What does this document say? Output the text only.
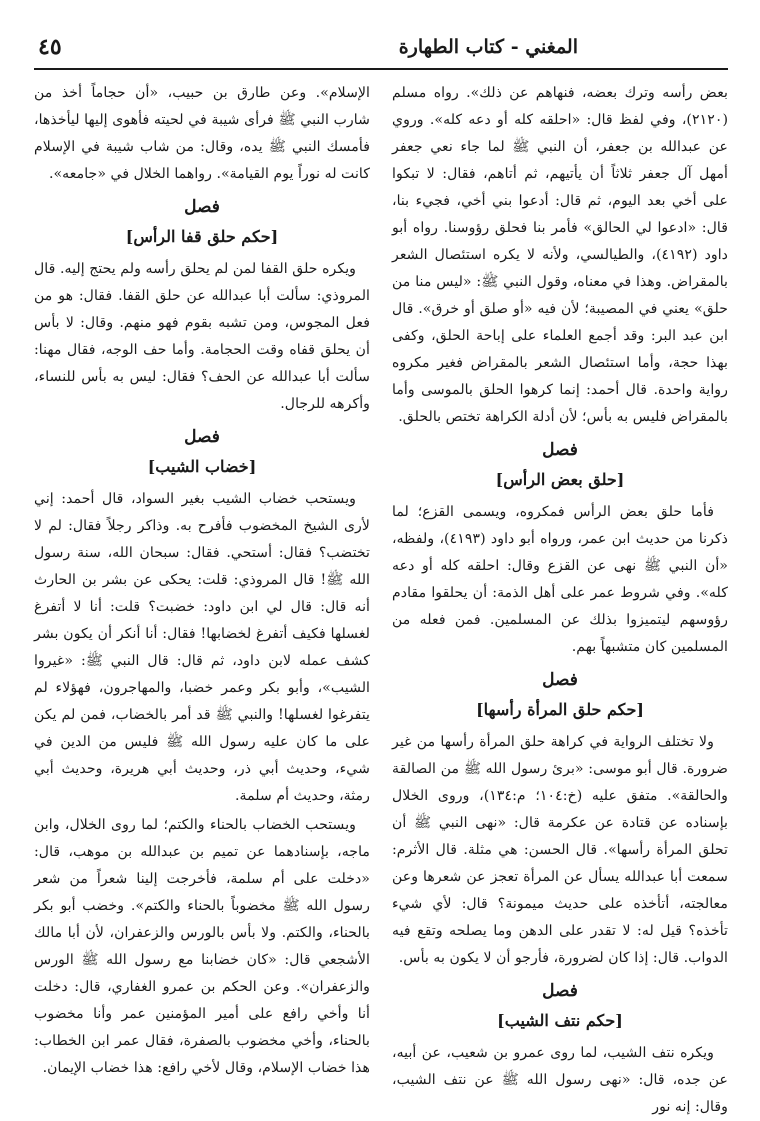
٤٥	المغني - كتاب الطهارة

بعض رأسه وترك بعضه، فنهاهم عن ذلك». رواه مسلم (٢١٢٠)، وفي لفظ قال: «احلقه كله أو دعه كله». وروي عن عبدالله بن جعفر، أن النبي ﷺ لما جاء نعي جعفر أمهل آل جعفر ثلاثاً أن يأتيهم، ثم أتاهم، فقال: لا تبكوا على أخي بعد اليوم، ثم قال: أدعوا بني أخي، فجيء بنا، قال: «ادعوا لي الحالق» فأمر بنا فحلق رؤوسنا. رواه أبو داود (٤١٩٢)، والطيالسي، ولأنه لا يكره استئصال الشعر بالمقراض. وهذا في معناه، وقول النبي ﷺ: «ليس منا من حلق» يعني في المصيبة؛ لأن فيه «أو صلق أو خرق». قال ابن عبد البر: وقد أجمع العلماء على إباحة الحلق، وكفى بهذا حجة، وأما استئصال الشعر بالمقراض فغير مكروه رواية واحدة. قال أحمد: إنما كرهوا الحلق بالموسى وأما بالمقراض فليس به بأس؛ لأن أدلة الكراهة تختص بالحلق.

فصل
[حلق بعض الرأس]

فأما حلق بعض الرأس فمكروه، ويسمى القزع؛ لما ذكرنا من حديث ابن عمر، ورواه أبو داود (٤١٩٣)، ولفظه، «أن النبي ﷺ نهى عن القزع وقال: احلقه كله أو دعه كله». وفي شروط عمر على أهل الذمة: أن يحلقوا مقادم رؤوسهم ليتميزوا بذلك عن المسلمين. فمن فعله من المسلمين كان متشبهاً بهم.

فصل
[حكم حلق المرأة رأسها]

ولا تختلف الرواية في كراهة حلق المرأة رأسها من غير ضرورة. قال أبو موسى: «برئ رسول الله ﷺ من الصالقة والحالقة». متفق عليه (خ:١٠٤؛ م:١٣٤)، وروى الخلال بإسناده عن قتادة عن عكرمة قال: «نهى النبي ﷺ أن تحلق المرأة رأسها». قال الحسن: هي مثلة. قال الأثرم: سمعت أبا عبدالله يسأل عن المرأة تعجز عن شعرها وعن معالجته، أتأخذه على حديث ميمونة؟ قال: لأي شيء تأخذه؟ قيل له: لا تقدر على الدهن وما يصلحه وتقع فيه الدواب. قال: إذا كان لضرورة، فأرجو أن لا يكون به بأس.

فصل
[حكم نتف الشيب]

ويكره نتف الشيب، لما روى عمرو بن شعيب، عن أبيه، عن جده، قال: «نهى رسول الله ﷺ عن نتف الشيب، وقال: إنه نور

الإسلام». وعن طارق بن حبيب، «أن حجاماً أخذ من شارب النبي ﷺ فرأى شيبة في لحيته فأهوى إليها ليأخذها، فأمسك النبي ﷺ يده، وقال: من شاب شيبة في الإسلام كانت له نوراً يوم القيامة». رواهما الخلال في «جامعه».

فصل
[حكم حلق قفا الرأس]

ويكره حلق القفا لمن لم يحلق رأسه ولم يحتج إليه. قال المروذي: سألت أبا عبدالله عن حلق القفا. فقال: هو من فعل المجوس، ومن تشبه بقوم فهو منهم. وقال: لا بأس أن يحلق قفاه وقت الحجامة. وأما حف الوجه، فقال مهنا: سألت أبا عبدالله عن الحف؟ فقال: ليس به بأس للنساء، وأكرهه للرجال.

فصل
[خضاب الشيب]

ويستحب خضاب الشيب بغير السواد، قال أحمد: إني لأرى الشيخ المخضوب فأفرح به. وذاكر رجلاً فقال: لم لا تختضب؟ فقال: أستحي. فقال: سبحان الله، سنة رسول الله ﷺ! قال المروذي: قلت: يحكى عن بشر بن الحارث أنه قال: قال لي ابن داود: خضبت؟ قلت: أنا لا أتفرغ لغسلها فكيف أتفرغ لخضابها! فقال: أنا أنكر أن يكون بشر كشف عمله لابن داود، ثم قال: قال النبي ﷺ: «غيروا الشيب»، وأبو بكر وعمر خضبا، والمهاجرون، فهؤلاء لم يتفرغوا لغسلها! والنبي ﷺ قد أمر بالخضاب، فمن لم يكن على ما كان عليه رسول الله ﷺ فليس من الدين في شيء، وحديث أبي ذر، وحديث أبي هريرة، وحديث أبي رمثة، وحديث أم سلمة.

ويستحب الخضاب بالحناء والكتم؛ لما روى الخلال، وابن ماجه، بإسنادهما عن تميم بن عبدالله بن موهب، قال: «دخلت على أم سلمة، فأخرجت إلينا شعراً من شعر رسول الله ﷺ مخضوباً بالحناء والكتم». وخضب أبو بكر بالحناء، والكتم. ولا بأس بالورس والزعفران، لأن أبا مالك الأشجعي قال: «كان خضابنا مع رسول الله ﷺ الورس والزعفران». وعن الحكم بن عمرو الغفاري، قال: دخلت أنا وأخي رافع على أمير المؤمنين عمر وأنا مخضوب بالحناء، وأخي مخضوب بالصفرة، فقال عمر ابن الخطاب: هذا خضاب الإسلام، وقال لأخي رافع: هذا خضاب الإيمان.
